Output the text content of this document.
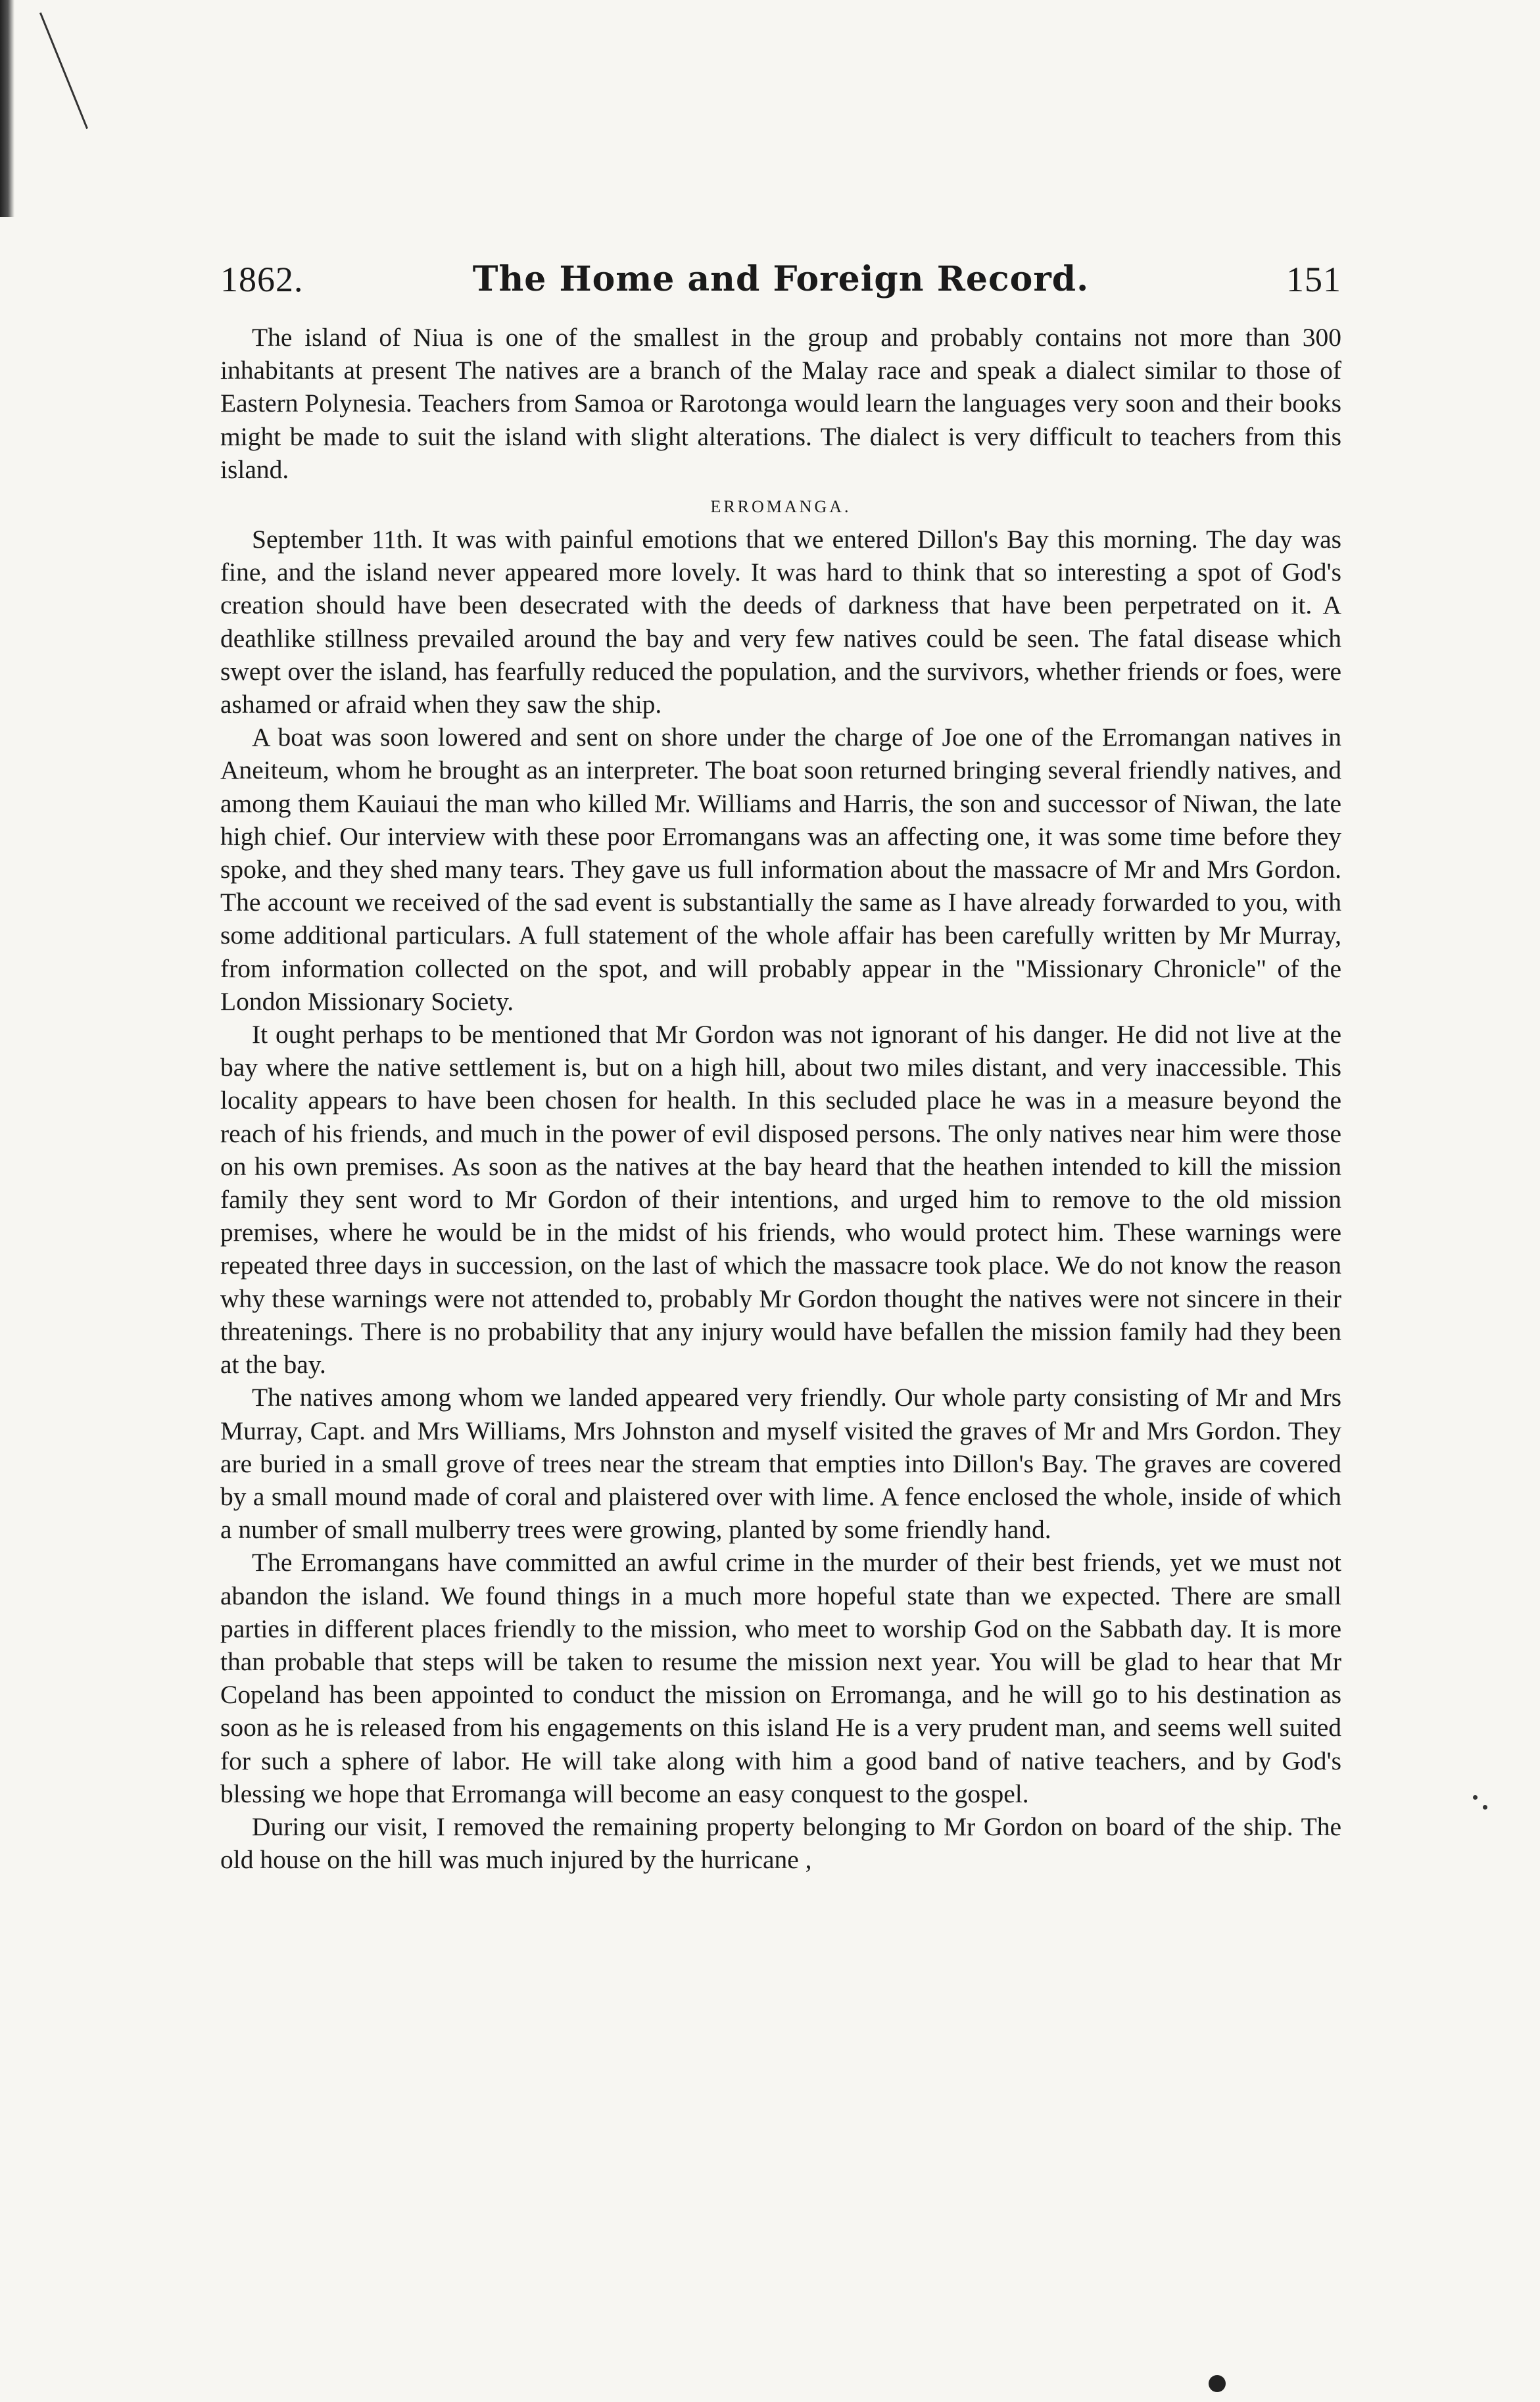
1862.	The Home and Foreign Record.	151

The island of Niua is one of the smallest in the group and probably contains not more than 300 inhabitants at present The natives are a branch of the Malay race and speak a dialect similar to those of Eastern Polynesia. Teachers from Samoa or Rarotonga would learn the languages very soon and their books might be made to suit the island with slight alterations. The dialect is very difficult to teachers from this island.

ERROMANGA.

September 11th. It was with painful emotions that we entered Dillon's Bay this morning. The day was fine, and the island never appeared more lovely. It was hard to think that so interesting a spot of God's creation should have been desecrated with the deeds of darkness that have been perpetrated on it. A deathlike stillness prevailed around the bay and very few natives could be seen. The fatal disease which swept over the island, has fearfully reduced the population, and the survivors, whether friends or foes, were ashamed or afraid when they saw the ship.

A boat was soon lowered and sent on shore under the charge of Joe one of the Erromangan natives in Aneiteum, whom he brought as an interpreter. The boat soon returned bringing several friendly natives, and among them Kauiaui the man who killed Mr. Williams and Harris, the son and successor of Niwan, the late high chief. Our interview with these poor Erromangans was an affecting one, it was some time before they spoke, and they shed many tears. They gave us full information about the massacre of Mr and Mrs Gordon. The account we received of the sad event is substantially the same as I have already forwarded to you, with some additional particulars. A full statement of the whole affair has been carefully written by Mr Murray, from information collected on the spot, and will probably appear in the "Missionary Chronicle" of the London Missionary Society.

It ought perhaps to be mentioned that Mr Gordon was not ignorant of his danger. He did not live at the bay where the native settlement is, but on a high hill, about two miles distant, and very inaccessible. This locality appears to have been chosen for health. In this secluded place he was in a measure beyond the reach of his friends, and much in the power of evil disposed persons. The only natives near him were those on his own premises. As soon as the natives at the bay heard that the heathen intended to kill the mission family they sent word to Mr Gordon of their intentions, and urged him to remove to the old mission premises, where he would be in the midst of his friends, who would protect him. These warnings were repeated three days in succession, on the last of which the massacre took place. We do not know the reason why these warnings were not attended to, probably Mr Gordon thought the natives were not sincere in their threatenings. There is no probability that any injury would have befallen the mission family had they been at the bay.

The natives among whom we landed appeared very friendly. Our whole party consisting of Mr and Mrs Murray, Capt. and Mrs Williams, Mrs Johnston and myself visited the graves of Mr and Mrs Gordon. They are buried in a small grove of trees near the stream that empties into Dillon's Bay. The graves are covered by a small mound made of coral and plaistered over with lime. A fence enclosed the whole, inside of which a number of small mulberry trees were growing, planted by some friendly hand.

The Erromangans have committed an awful crime in the murder of their best friends, yet we must not abandon the island. We found things in a much more hopeful state than we expected. There are small parties in different places friendly to the mission, who meet to worship God on the Sabbath day. It is more than probable that steps will be taken to resume the mission next year. You will be glad to hear that Mr Copeland has been appointed to conduct the mission on Erromanga, and he will go to his destination as soon as he is released from his engagements on this island He is a very prudent man, and seems well suited for such a sphere of labor. He will take along with him a good band of native teachers, and by God's blessing we hope that Erromanga will become an easy conquest to the gospel.

During our visit, I removed the remaining property belonging to Mr Gordon on board of the ship. The old house on the hill was much injured by the hurricane ,
